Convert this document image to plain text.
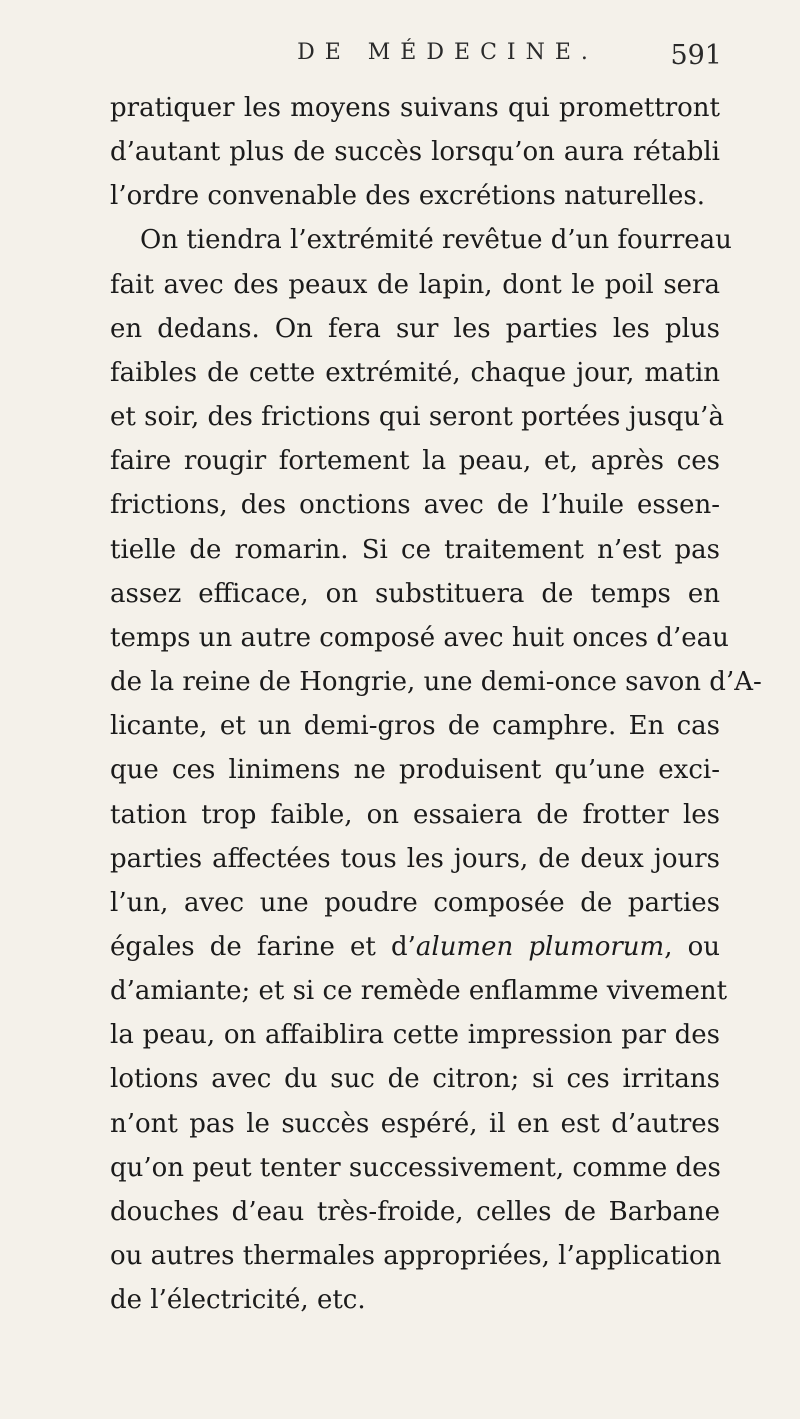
DE MÉDECINE.	591
pratiquer les moyens suivans qui promettront
d’autant plus de succès lorsqu’on aura rétabli
l’ordre convenable des excrétions naturelles.
On tiendra l’extrémité revêtue d’un fourreau
fait avec des peaux de lapin, dont le poil sera
en dedans. On fera sur les parties les plus
faibles de cette extrémité, chaque jour, matin
et soir, des frictions qui seront portées jusqu’à
faire rougir fortement la peau, et, après ces
frictions, des onctions avec de l’huile essen-
tielle de romarin. Si ce traitement n’est pas
assez efficace, on substituera de temps en
temps un autre composé avec huit onces d’eau
de la reine de Hongrie, une demi-once savon d’A-
licante, et un demi-gros de camphre. En cas
que ces linimens ne produisent qu’une exci-
tation trop faible, on essaiera de frotter les
parties affectées tous les jours, de deux jours
l’un, avec une poudre composée de parties
égales de farine et d’alumen plumorum, ou
d’amiante; et si ce remède enflamme vivement
la peau, on affaiblira cette impression par des
lotions avec du suc de citron; si ces irritans
n’ont pas le succès espéré, il en est d’autres
qu’on peut tenter successivement, comme des
douches d’eau très-froide, celles de Barbane
ou autres thermales appropriées, l’application
de l’électricité, etc.
